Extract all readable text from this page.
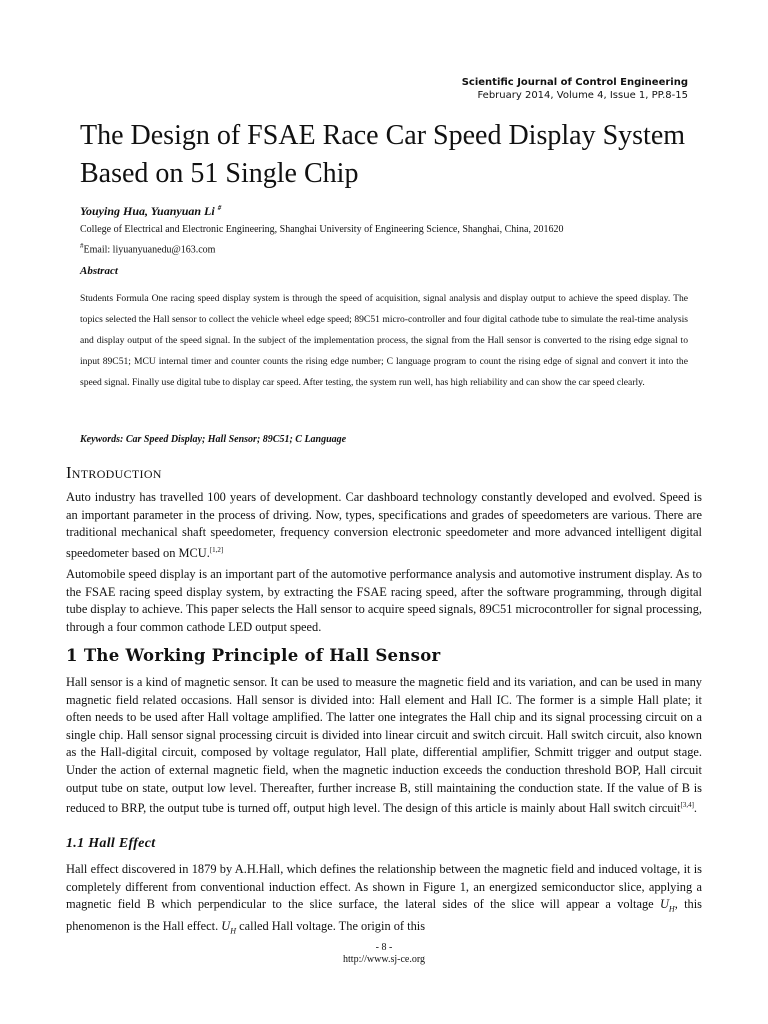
Scientific Journal of Control Engineering
February 2014, Volume 4, Issue 1, PP.8-15
The Design of FSAE Race Car Speed Display System Based on 51 Single Chip
Youying Hua, Yuanyuan Li #
College of Electrical and Electronic Engineering, Shanghai University of Engineering Science, Shanghai, China, 201620
#Email: liyuanyuanedu@163.com
Abstract

Students Formula One racing speed display system is through the speed of acquisition, signal analysis and display output to achieve the speed display. The topics selected the Hall sensor to collect the vehicle wheel edge speed; 89C51 micro-controller and four digital cathode tube to simulate the real-time analysis and display output of the speed signal. In the subject of the implementation process, the signal from the Hall sensor is converted to the rising edge signal to input 89C51; MCU internal timer and counter counts the rising edge number; C language program to count the rising edge of signal and convert it into the speed signal. Finally use digital tube to display car speed. After testing, the system run well, has high reliability and can show the car speed clearly.

Keywords: Car Speed Display; Hall Sensor; 89C51; C Language
Introduction

Auto industry has travelled 100 years of development. Car dashboard technology constantly developed and evolved. Speed is an important parameter in the process of driving. Now, types, specifications and grades of speedometers are various. There are traditional mechanical shaft speedometer, frequency conversion electronic speedometer and more advanced intelligent digital speedometer based on MCU.[1,2]

Automobile speed display is an important part of the automotive performance analysis and automotive instrument display. As to the FSAE racing speed display system, by extracting the FSAE racing speed, after the software programming, through digital tube display to achieve. This paper selects the Hall sensor to acquire speed signals, 89C51 microcontroller for signal processing, through a four common cathode LED output speed.

1 The Working Principle of Hall Sensor

Hall sensor is a kind of magnetic sensor. It can be used to measure the magnetic field and its variation, and can be used in many magnetic field related occasions. Hall sensor is divided into: Hall element and Hall IC. The former is a simple Hall plate; it often needs to be used after Hall voltage amplified. The latter one integrates the Hall chip and its signal processing circuit on a single chip. Hall sensor signal processing circuit is divided into linear circuit and switch circuit. Hall switch circuit, also known as the Hall-digital circuit, composed by voltage regulator, Hall plate, differential amplifier, Schmitt trigger and output stage. Under the action of external magnetic field, when the magnetic induction exceeds the conduction threshold BOP, Hall circuit output tube on state, output low level. Thereafter, further increase B, still maintaining the conduction state. If the value of B is reduced to BRP, the output tube is turned off, output high level. The design of this article is mainly about Hall switch circuit[3,4].

1.1 Hall Effect

Hall effect discovered in 1879 by A.H.Hall, which defines the relationship between the magnetic field and induced voltage, it is completely different from conventional induction effect. As shown in Figure 1, an energized semiconductor slice, applying a magnetic field B which perpendicular to the slice surface, the lateral sides of the slice will appear a voltage $U_H$, this phenomenon is the Hall effect. $U_H$ called Hall voltage. The origin of this

- 8 -
http://www.sj-ce.org
